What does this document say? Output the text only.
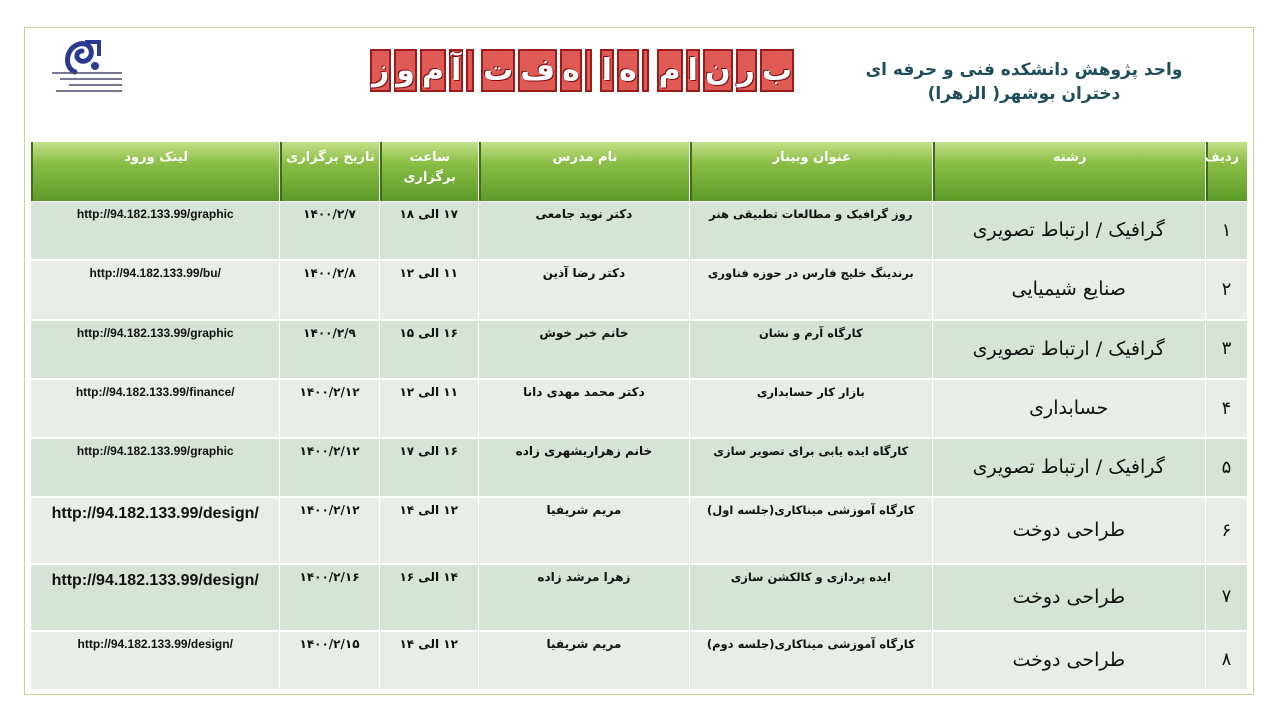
ب
ر
ن
ا
م
ه
ا
ه
ف
ت
آ
م
و
ز	واحد پژوهش دانشکده فنی و حرفه ای
دختران بوشهر( الزهرا)
ردیف	رشته	عنوان وبینار	نام مدرس	ساعت برگزاری	تاریخ برگزاری	لینک ورود
۱	گرافیک / ارتباط تصویری	روز گرافیک و مطالعات تطبیقی هنر	دکتر نوید جامعی	۱۷ الی ۱۸	۱۴۰۰/۲/۷	http://94.182.133.99/graphic
۲	صنایع شیمیایی	برندینگ خلیج فارس در حوزه فناوری	دکتر رضا آذین	۱۱ الی ۱۲	۱۴۰۰/۲/۸	http://94.182.133.99/bu/
۳	گرافیک / ارتباط تصویری	کارگاه آرم و نشان	خانم خبر خوش	۱۶ الی ۱۵	۱۴۰۰/۲/۹	http://94.182.133.99/graphic
۴	حسابداری	بازار کار حسابداری	دکتر محمد مهدی دانا	۱۱ الی ۱۲	۱۴۰۰/۲/۱۲	http://94.182.133.99/finance/
۵	گرافیک / ارتباط تصویری	کارگاه ایده یابی برای تصویر سازی	خانم زهراریشهری زاده	۱۶ الی ۱۷	۱۴۰۰/۲/۱۲	http://94.182.133.99/graphic
۶	طراحی دوخت	کارگاه آموزشی میناکاری(جلسه اول)	مریم شریفیا	۱۲ الی ۱۴	۱۴۰۰/۲/۱۲	http://94.182.133.99/design/
۷	طراحی دوخت	ایده پردازی و کالکشن سازی	زهرا مرشد زاده	۱۴ الی ۱۶	۱۴۰۰/۲/۱۶	http://94.182.133.99/design/
۸	طراحی دوخت	کارگاه آموزشی میناکاری(جلسه دوم)	مریم شریفیا	۱۲ الی ۱۴	۱۴۰۰/۲/۱۵	http://94.182.133.99/design/
